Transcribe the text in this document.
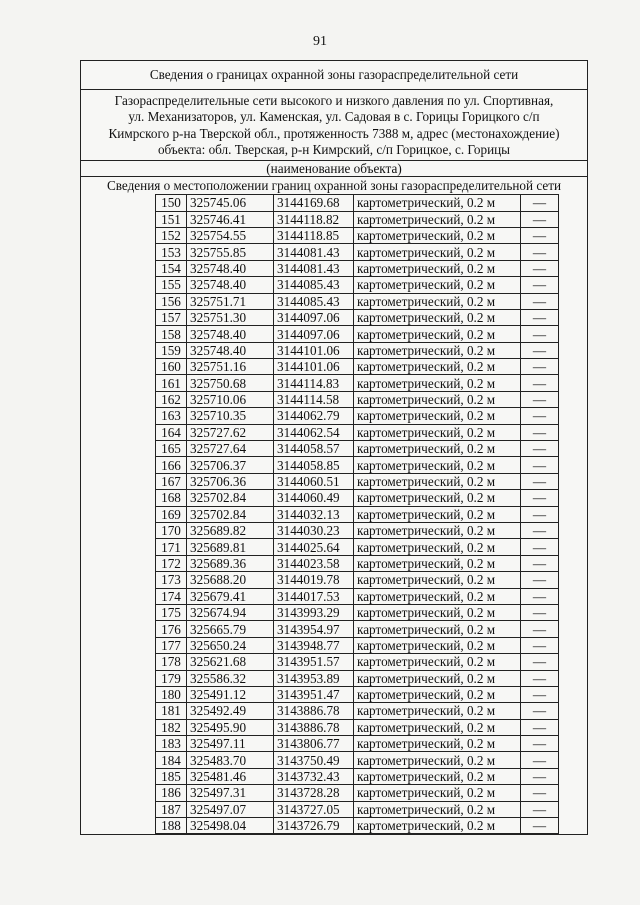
91
Сведения о границах охранной зоны газораспределительной сети
Газораспределительные сети высокого и низкого давления по ул. Спортивная,
ул. Механизаторов, ул. Каменская, ул. Садовая в с. Горицы Горицкого с/п
Кимрского р-на Тверской обл., протяженность 7388 м, адрес (местонахождение)
объекта: обл. Тверская, р-н Кимрский, с/п Горицкое, с. Горицы
(наименование объекта)
Сведения о местоположении границ охранной зоны газораспределительной сети
150	325745.06	3144169.68	картометрический, 0.2 м	—
151	325746.41	3144118.82	картометрический, 0.2 м	—
152	325754.55	3144118.85	картометрический, 0.2 м	—
153	325755.85	3144081.43	картометрический, 0.2 м	—
154	325748.40	3144081.43	картометрический, 0.2 м	—
155	325748.40	3144085.43	картометрический, 0.2 м	—
156	325751.71	3144085.43	картометрический, 0.2 м	—
157	325751.30	3144097.06	картометрический, 0.2 м	—
158	325748.40	3144097.06	картометрический, 0.2 м	—
159	325748.40	3144101.06	картометрический, 0.2 м	—
160	325751.16	3144101.06	картометрический, 0.2 м	—
161	325750.68	3144114.83	картометрический, 0.2 м	—
162	325710.06	3144114.58	картометрический, 0.2 м	—
163	325710.35	3144062.79	картометрический, 0.2 м	—
164	325727.62	3144062.54	картометрический, 0.2 м	—
165	325727.64	3144058.57	картометрический, 0.2 м	—
166	325706.37	3144058.85	картометрический, 0.2 м	—
167	325706.36	3144060.51	картометрический, 0.2 м	—
168	325702.84	3144060.49	картометрический, 0.2 м	—
169	325702.84	3144032.13	картометрический, 0.2 м	—
170	325689.82	3144030.23	картометрический, 0.2 м	—
171	325689.81	3144025.64	картометрический, 0.2 м	—
172	325689.36	3144023.58	картометрический, 0.2 м	—
173	325688.20	3144019.78	картометрический, 0.2 м	—
174	325679.41	3144017.53	картометрический, 0.2 м	—
175	325674.94	3143993.29	картометрический, 0.2 м	—
176	325665.79	3143954.97	картометрический, 0.2 м	—
177	325650.24	3143948.77	картометрический, 0.2 м	—
178	325621.68	3143951.57	картометрический, 0.2 м	—
179	325586.32	3143953.89	картометрический, 0.2 м	—
180	325491.12	3143951.47	картометрический, 0.2 м	—
181	325492.49	3143886.78	картометрический, 0.2 м	—
182	325495.90	3143886.78	картометрический, 0.2 м	—
183	325497.11	3143806.77	картометрический, 0.2 м	—
184	325483.70	3143750.49	картометрический, 0.2 м	—
185	325481.46	3143732.43	картометрический, 0.2 м	—
186	325497.31	3143728.28	картометрический, 0.2 м	—
187	325497.07	3143727.05	картометрический, 0.2 м	—
188	325498.04	3143726.79	картометрический, 0.2 м	—
